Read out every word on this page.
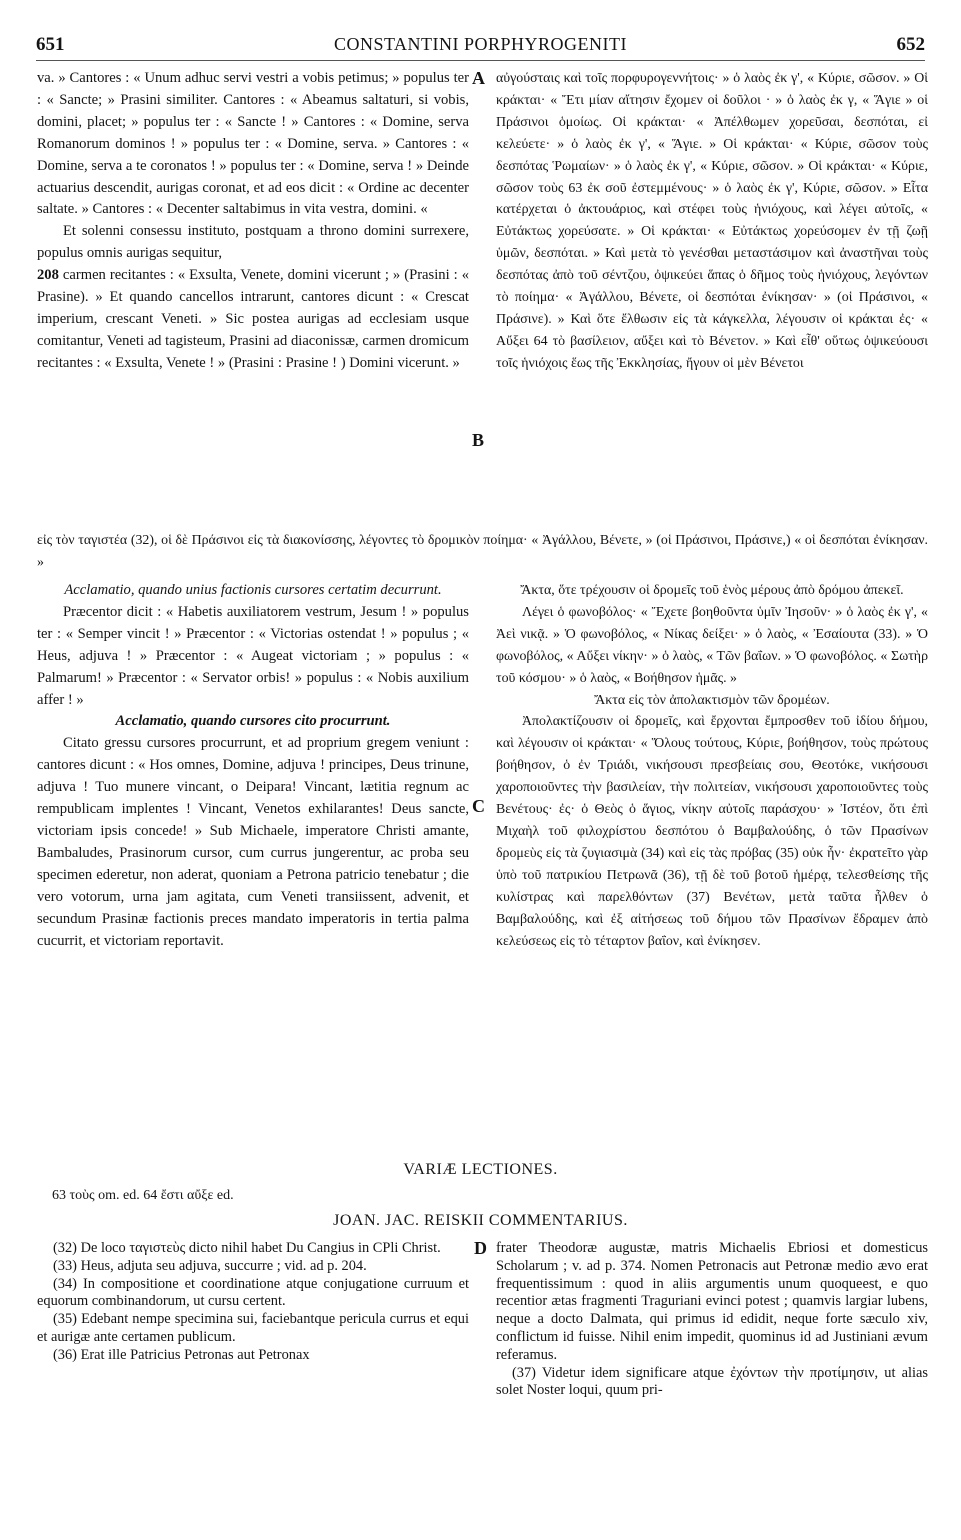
651	CONSTANTINI PORPHYROGENITI	652

va. » Cantores : « Unum adhuc servi vestri a vobis petimus; » populus ter : « Sancte; » Prasini similiter. Cantores : « Abeamus saltaturi, si vobis, domini, placet; » populus ter : « Sancte ! » Cantores : « Domine, serva Romanorum dominos ! » populus ter : « Domine, serva. » Cantores : « Domine, serva a te coronatos ! » populus ter : « Domine, serva ! » Deinde actuarius descendit, aurigas coronat, et ad eos dicit : « Ordine ac decenter saltate. » Cantores : « Decenter saltabimus in vita vestra, domini. «

Et solenni consessu instituto, postquam a throno domini surrexere, populus omnis aurigas sequitur,
208 carmen recitantes : « Exsulta, Venete, domini vicerunt ; » (Prasini : « Prasine). » Et quando cancellos intrarunt, cantores dicunt : « Crescat imperium, crescant Veneti. » Sic postea aurigas ad ecclesiam usque comitantur, Veneti ad tagisteum, Prasini ad diaconissæ, carmen dromicum recitantes : « Exsulta, Venete ! » (Prasini : Prasine ! ) Domini vicerunt. »

αὐγούσταις καὶ τοῖς πορφυρογεννήτοις· » ὁ λαὸς ἐκ γ', « Κύριε, σῶσον. » Οἱ κράκται· « Ἔτι μίαν αἴτησιν ἔχομεν οἱ δοῦλοι · » ὁ λαὸς ἐκ γ, « Ἅγιε » οἱ Πράσινοι ὁμοίως. Οἱ κράκται· « Ἀπέλθωμεν χορεῦσαι, δεσπόται, εἰ κελεύετε· » ὁ λαὸς ἐκ γ', « Ἅγιε. » Οἱ κράκται· « Κύριε, σῶσον τοὺς δεσπότας Ῥωμαίων· » ὁ λαὸς ἐκ γ', « Κύριε, σῶσον. » Οἱ κράκται· « Κύριε, σῶσον τοὺς 63 ἐκ σοῦ ἐστεμμένους· » ὁ λαὸς ἐκ γ', Κύριε, σῶσον. » Εἶτα κατέρχεται ὁ ἀκτουάριος, καὶ στέφει τοὺς ἡνιόχους, καὶ λέγει αὐτοῖς, « Εὐτάκτως χορεύσατε. » Οἱ κράκται· « Εὐτάκτως χορεύσομεν ἐν τῇ ζωῇ ὑμῶν, δεσπόται. » Καὶ μετὰ τὸ γενέσθαι μεταστάσιμον καὶ ἀναστῆναι τοὺς δεσπότας ἀπὸ τοῦ σέντζου, ὀψικεύει ἅπας ὁ δῆμος τοὺς ἡνιόχους, λεγόντων τὸ ποίημα· « Ἀγάλλου, Βένετε, οἱ δεσπόται ἐνίκησαν· » (οἱ Πράσινοι, « Πράσινε). » Καὶ ὅτε ἔλθωσιν εἰς τὰ κάγκελλα, λέγουσιν οἱ κράκται ἐς· « Αὔξει 64 τὸ βασίλειον, αὔξει καὶ τὸ Βένετον. » Καὶ εἶθ' οὕτως ὀψικεύουσι τοῖς ἡνιόχοις ἕως τῆς Ἐκκλησίας, ἤγουν οἱ μὲν Βένετοι

A
B

εἰς τὸν ταγιστέα (32), οἱ δὲ Πράσινοι εἰς τὰ διακονίσσης, λέγοντες τὸ δρομικὸν ποίημα· « Ἀγάλλου, Βένετε, » (οἱ Πράσινοι, Πράσινε,) « οἱ δεσπόται ἐνίκησαν. »

Acclamatio, quando unius factionis cursores certatim decurrunt.

Præcentor dicit : « Habetis auxiliatorem vestrum, Jesum ! » populus ter : « Semper vincit ! » Præcentor : « Victorias ostendat ! » populus ; « Heus, adjuva ! » Præcentor : « Augeat victoriam ; » populus : « Palmarum! » Præcentor : « Servator orbis! » populus : « Nobis auxilium affer ! »

Acclamatio, quando cursores cito procurrunt.

Citato gressu cursores procurrunt, et ad proprium gregem veniunt : cantores dicunt : « Hos omnes, Domine, adjuva ! principes, Deus trinune, adjuva ! Tuo munere vincant, o Deipara! Vincant, lætitia regnum ac rempublicam implentes ! Vincant, Venetos exhilarantes! Deus sancte, victoriam ipsis concede! » Sub Michaele, imperatore Christi amante, Bambaludes, Prasinorum cursor, cum currus jungerentur, ac proba seu specimen ederetur, non aderat, quoniam a Petrona patricio tenebatur ; die vero votorum, urna jam agitata, cum Veneti transiissent, advenit, et secundum Prasinæ factionis preces mandato imperatoris in tertia palma cucurrit, et victoriam reportavit.

Ἄκτα, ὅτε τρέχουσιν οἱ δρομεῖς τοῦ ἑνὸς μέρους ἀπὸ δρόμου ἀπεκεῖ.

Λέγει ὁ φωνοβόλος· « Ἔχετε βοηθοῦντα ὑμῖν Ἰησοῦν· » ὁ λαὸς ἐκ γ', « Ἀεὶ νικᾷ. » Ὁ φωνοβόλος, « Νίκας δείξει· » ὁ λαὸς, « Ἐσαίουτα (33). » Ὁ φωνοβόλος, « Αὔξει νίκην· » ὁ λαὸς, « Τῶν βαΐων. » Ὁ φωνοβόλος. « Σωτὴρ τοῦ κόσμου· » ὁ λαὸς, « Βοήθησον ἡμᾶς. »

Ἄκτα εἰς τὸν ἀπολακτισμὸν τῶν δρομέων.

Ἀπολακτίζουσιν οἱ δρομεῖς, καὶ ἔρχονται ἔμπροσθεν τοῦ ἰδίου δήμου, καὶ λέγουσιν οἱ κράκται· « Ὅλους τούτους, Κύριε, βοήθησον, τοὺς πρώτους βοήθησον, ὁ ἐν Τριάδι, νικήσουσι πρεσβείαις σου, Θεοτόκε, νικήσουσι χαροποιοῦντες τὴν βασιλείαν, τὴν πολιτείαν, νικήσουσι χαροποιοῦντες τοὺς Βενέτους· ἐς· ὁ Θεὸς ὁ ἅγιος, νίκην αὐτοῖς παράσχου· » Ἰστέον, ὅτι ἐπὶ Μιχαὴλ τοῦ φιλοχρίστου δεσπότου ὁ Βαμβαλούδης, ὁ τῶν Πρασίνων δρομεὺς εἰς τὰ ζυγιασιμὰ (34) καὶ εἰς τὰς πρόβας (35) οὐκ ἦν· ἐκρατεῖτο γὰρ ὑπὸ τοῦ πατρικίου Πετρωνᾶ (36), τῇ δὲ τοῦ βοτοῦ ἡμέρᾳ, τελεσθείσης τῆς κυλίστρας καὶ παρελθόντων (37) Βενέτων, μετὰ ταῦτα ἦλθεν ὁ Βαμβαλούδης, καὶ ἐξ αἰτήσεως τοῦ δήμου τῶν Πρασίνων ἔδραμεν ἀπὸ κελεύσεως εἰς τὸ τέταρτον βαΐον, καὶ ἐνίκησεν.

C
VARIÆ LECTIONES.
63 τοὺς om. ed. 64 ἔστι αὔξε ed.
JOAN. JAC. REISKII COMMENTARIUS.

(32) De loco ταγιστεὺς dicto nihil habet Du Cangius in CPli Christ.

(33) Heus, adjuta seu adjuva, succurre ; vid. ad p. 204.

(34) In compositione et coordinatione atque conjugatione curruum et equorum combinandorum, ut cursu certent.

(35) Edebant nempe specimina sui, faciebantque pericula currus et equi et aurigæ ante certamen publicum.

(36) Erat ille Patricius Petronas aut Petronax

D frater Theodoræ augustæ, matris Michaelis Ebriosi et domesticus Scholarum ; v. ad p. 374. Nomen Petronacis aut Petronæ medio ævo erat frequentissimum : quod in aliis argumentis unum quoqueest, e quo recentior ætas fragmenti Traguriani evinci potest ; quamvis largiar lubens, neque a docto Dalmata, qui primus id edidit, neque forte sæculo xiv, conflictum id fuisse. Nihil enim impedit, quominus id ad Justiniani ævum referamus.

(37) Videtur idem significare atque ἐχόντων τὴν προτίμησιν, ut alias solet Noster loqui, quum pri-
